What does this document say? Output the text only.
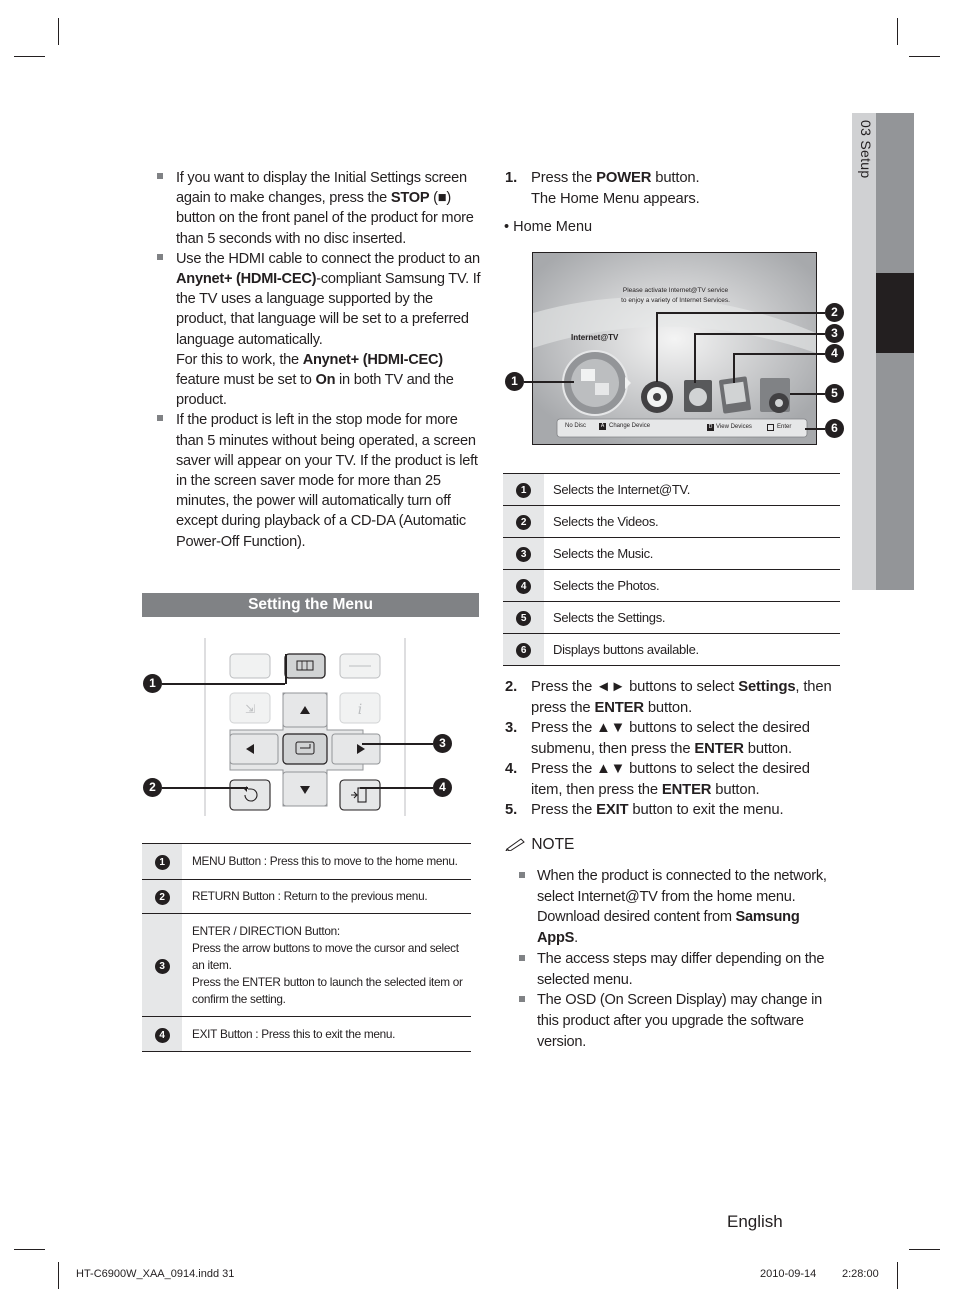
03 Setup
If you want to display the Initial Settings screen again to make changes, press the STOP (■) button on the front panel of the product for more than 5 seconds with no disc inserted.
Use the HDMI cable to connect the product to an Anynet+ (HDMI-CEC)-compliant Samsung TV. If the TV uses a language supported by the product, that language will be set to a preferred language automatically.
For this to work, the Anynet+ (HDMI-CEC) feature must be set to On in both TV and the product.
If the product is left in the stop mode for more than 5 minutes without being operated, a screen saver will appear on your TV. If the product is left in the screen saver mode for more than 25 minutes, the power will automatically turn off except during playback of a CD-DA (Automatic Power-Off Function).
Setting the Menu
⇲	i
1
2
3
4
1	MENU Button : Press this to move to the home menu.
2	RETURN Button : Return to the previous menu.
3	ENTER / DIRECTION Button:
Press the arrow buttons to move the cursor and select an item.
Press the ENTER button to launch the selected item or confirm the setting.

4	EXIT Button : Press this to exit the menu.
1. Press the POWER button.
The Home Menu appears.
• Home Menu
Please activate Internet@TV service
to enjoy a variety of Internet Services.
Internet@TV
No Disc	A Change Device	D View Devices	Enter
1
2
3
4
5
6
1	Selects the Internet@TV.
2	Selects the Videos.
3	Selects the Music.
4	Selects the Photos.
5	Selects the Settings.
6	Displays buttons available.
2. Press the ◄► buttons to select Settings, then press the ENTER button.
3. Press the ▲▼ buttons to select the desired submenu, then press the ENTER button.
4. Press the ▲▼ buttons to select the desired item, then press the ENTER button.
5. Press the EXIT button to exit the menu.
NOTE
When the product is connected to the network, select Internet@TV from the home menu. Download desired content from Samsung AppS.
The access steps may differ depending on the selected menu.
The OSD (On Screen Display) may change in this product after you upgrade the software version.
English
HT-C6900W_XAA_0914.indd 31	2010-09-14 2:28:00
